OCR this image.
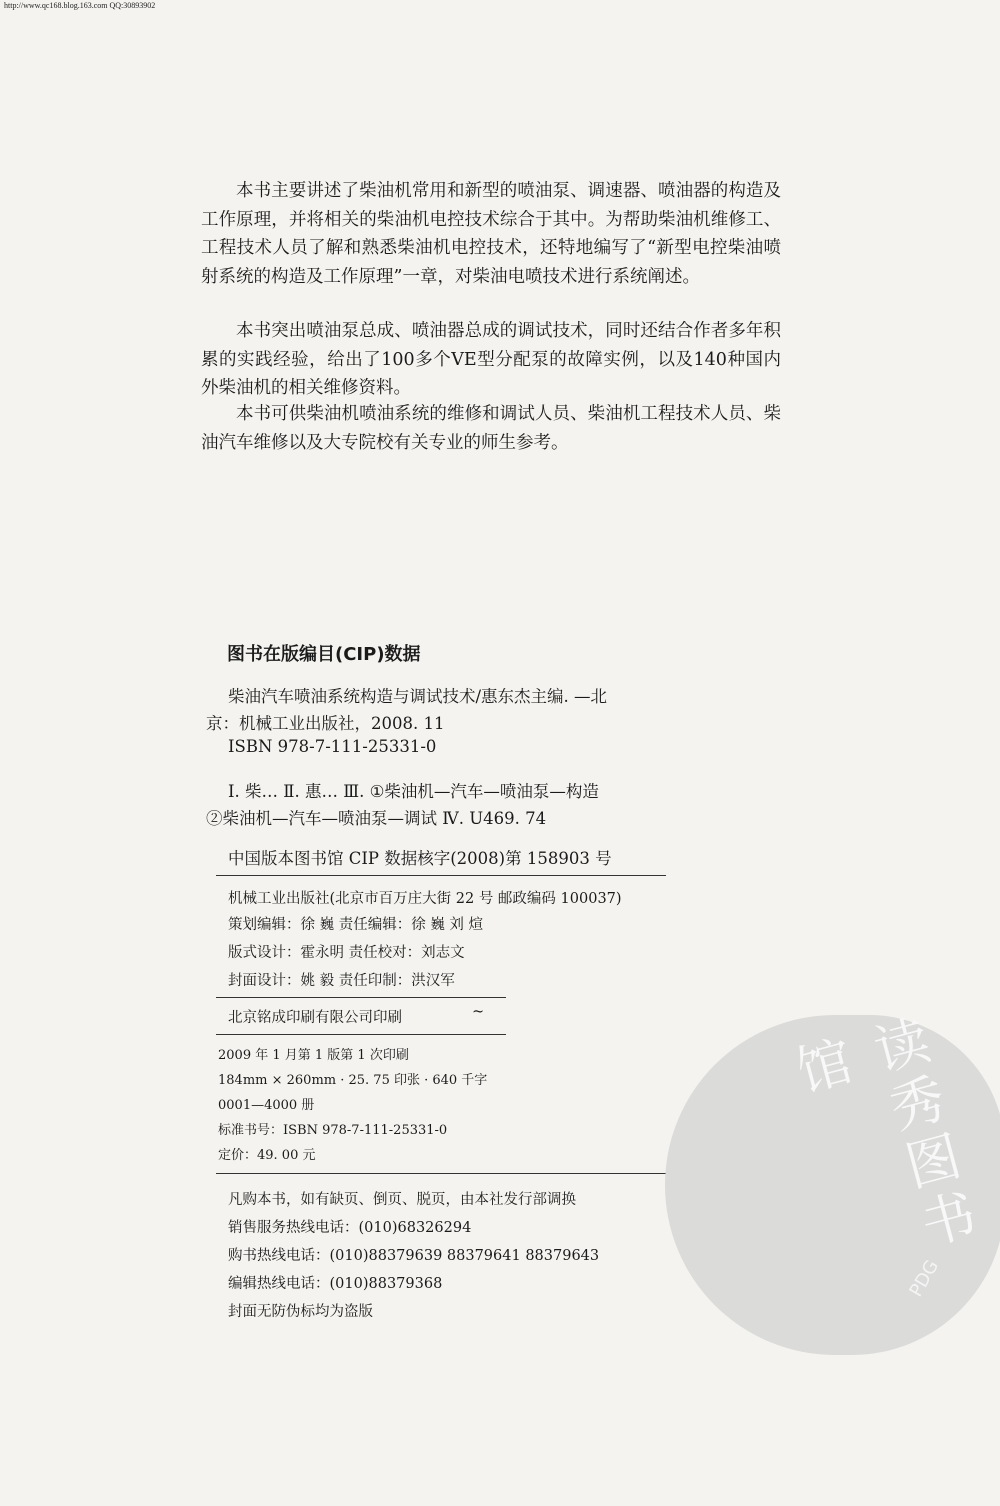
http://www.qc168.blog.163.com QQ:30893902

本书主要讲述了柴油机常用和新型的喷油泵、调速器、喷油器的构造及工作原理，并将相关的柴油机电控技术综合于其中。为帮助柴油机维修工、工程技术人员了解和熟悉柴油机电控技术，还特地编写了“新型电控柴油喷射系统的构造及工作原理”一章，对柴油电喷技术进行系统阐述。

本书突出喷油泵总成、喷油器总成的调试技术，同时还结合作者多年积累的实践经验，给出了100多个VE型分配泵的故障实例，以及140种国内外柴油机的相关维修资料。

本书可供柴油机喷油系统的维修和调试人员、柴油机工程技术人员、柴油汽车维修以及大专院校有关专业的师生参考。

图书在版编目(CIP)数据

柴油汽车喷油系统构造与调试技术/惠东杰主编. —北

京：机械工业出版社，2008. 11

ISBN 978-7-111-25331-0

Ⅰ. 柴… Ⅱ. 惠… Ⅲ. ①柴油机—汽车—喷油泵—构造

②柴油机—汽车—喷油泵—调试 Ⅳ. U469. 74

中国版本图书馆 CIP 数据核字(2008)第 158903 号

机械工业出版社(北京市百万庄大街 22 号 邮政编码 100037)

策划编辑：徐 巍 责任编辑：徐 巍 刘 煊

版式设计：霍永明 责任校对：刘志文

封面设计：姚 毅 责任印制：洪汉军

北京铭成印刷有限公司印刷	~

2009 年 1 月第 1 版第 1 次印刷

184mm × 260mm · 25. 75 印张 · 640 千字

0001—4000 册

标准书号：ISBN 978-7-111-25331-0

定价：49. 00 元

凡购本书，如有缺页、倒页、脱页，由本社发行部调换

销售服务热线电话：(010)68326294

购书热线电话：(010)88379639 88379641 88379643

编辑热线电话：(010)88379368

封面无防伪标均为盗版

读秀图书馆
PDG
